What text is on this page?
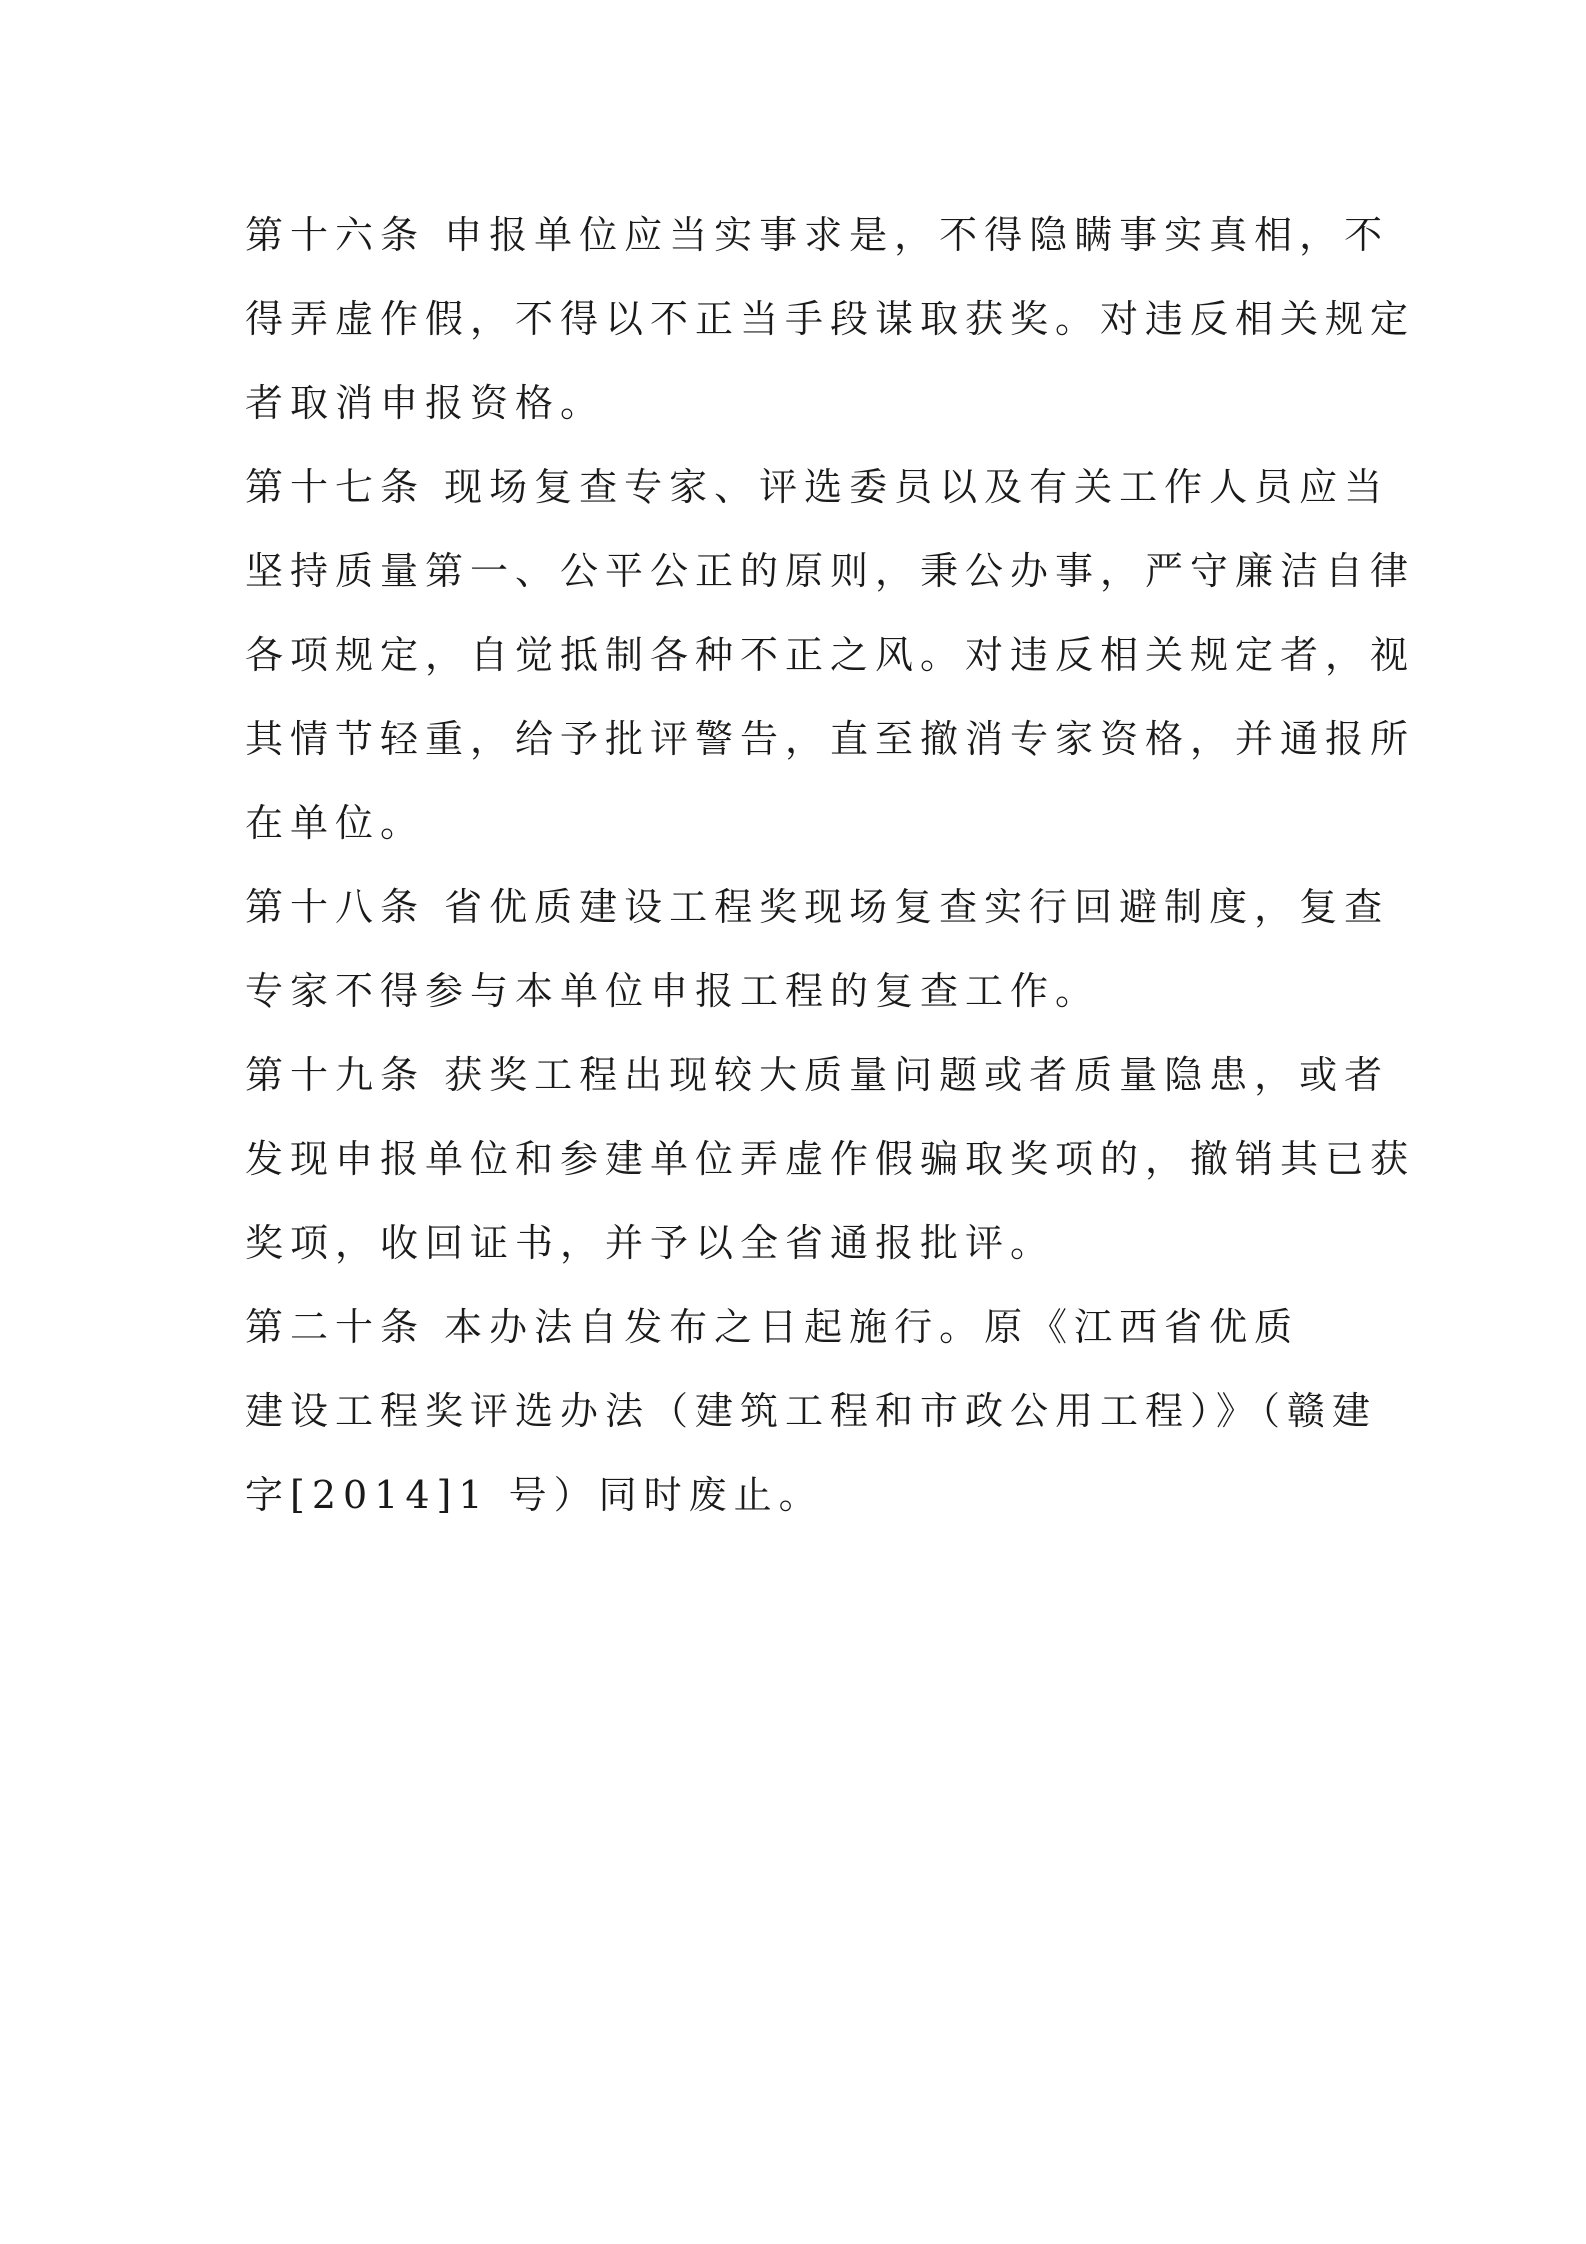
第十六条 申报单位应当实事求是，不得隐瞒事实真相，不
得弄虚作假，不得以不正当手段谋取获奖。对违反相关规定
者取消申报资格。
第十七条 现场复查专家、评选委员以及有关工作人员应当
坚持质量第一、公平公正的原则，秉公办事，严守廉洁自律
各项规定，自觉抵制各种不正之风。对违反相关规定者，视
其情节轻重，给予批评警告，直至撤消专家资格，并通报所
在单位。
第十八条 省优质建设工程奖现场复查实行回避制度，复查
专家不得参与本单位申报工程的复查工作。
第十九条 获奖工程出现较大质量问题或者质量隐患，或者
发现申报单位和参建单位弄虚作假骗取奖项的，撤销其已获
奖项，收回证书，并予以全省通报批评。
第二十条 本办法自发布之日起施行。原《江西省优质
建设工程奖评选办法（建筑工程和市政公用工程）》（赣建
字[2014]1 号）同时废止。
